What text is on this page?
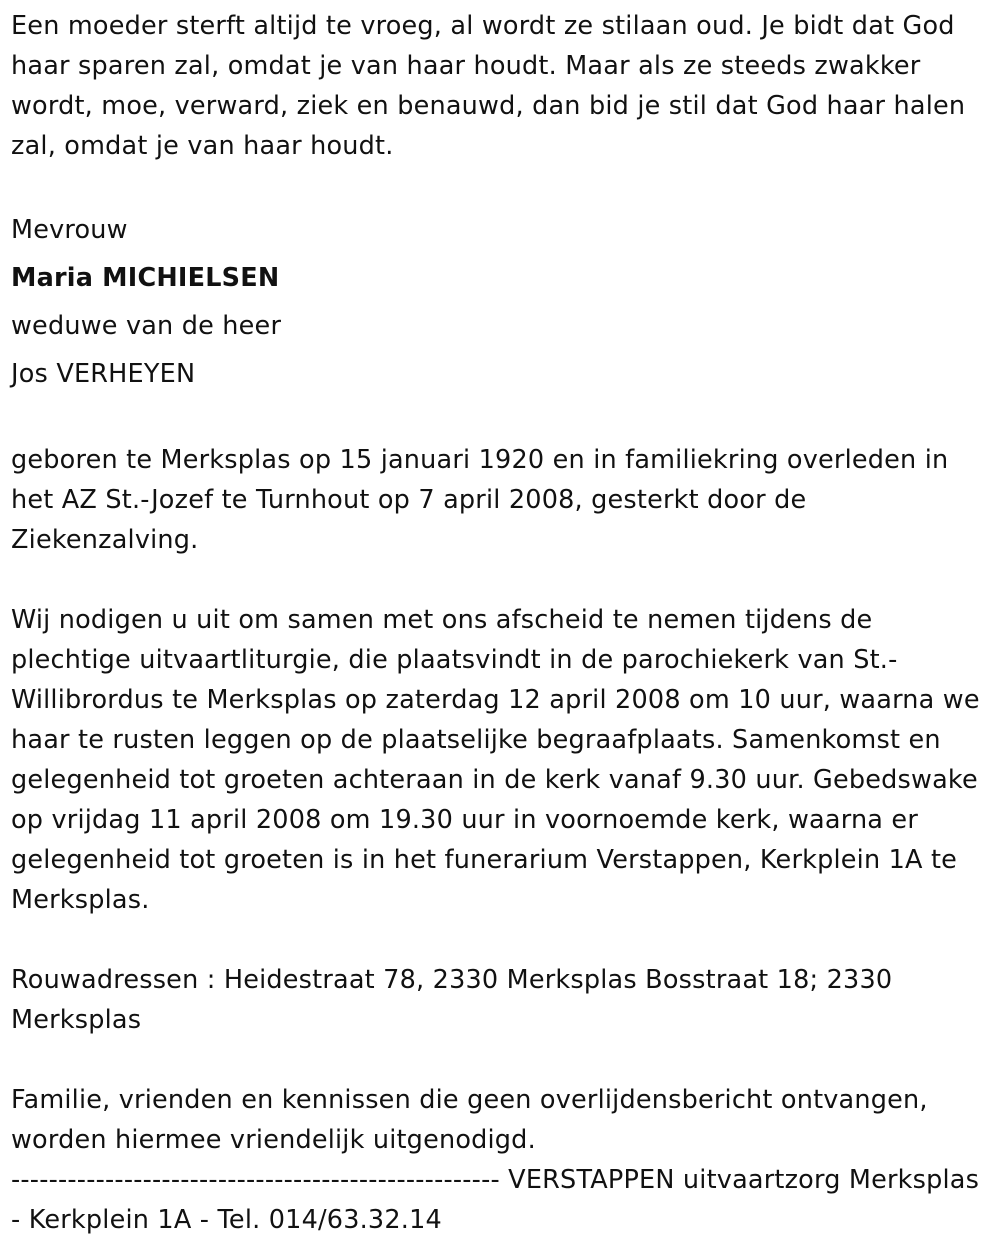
Een moeder sterft altijd te vroeg, al wordt ze stilaan oud. Je bidt dat God haar sparen zal, omdat je van haar houdt. Maar als ze steeds zwakker wordt, moe, verward, ziek en benauwd, dan bid je stil dat God haar halen zal, omdat je van haar houdt.

Mevrouw

Maria MICHIELSEN

weduwe van de heer

Jos VERHEYEN

geboren te Merksplas op 15 januari 1920 en in familiekring overleden in het AZ St.-Jozef te Turnhout op 7 april 2008, gesterkt door de Ziekenzalving.

Wij nodigen u uit om samen met ons afscheid te nemen tijdens de plechtige uitvaartliturgie, die plaatsvindt in de parochiekerk van St.-Willibrordus te Merksplas op zaterdag 12 april 2008 om 10 uur, waarna we haar te rusten leggen op de plaatselijke begraafplaats. Samenkomst en gelegenheid tot groeten achteraan in de kerk vanaf 9.30 uur. Gebedswake op vrijdag 11 april 2008 om 19.30 uur in voornoemde kerk, waarna er gelegenheid tot groeten is in het funerarium Verstappen, Kerkplein 1A te Merksplas.

Rouwadressen : Heidestraat 78, 2330 Merksplas Bosstraat 18; 2330 Merksplas

Familie, vrienden en kennissen die geen overlijdensbericht ontvangen, worden hiermee vriendelijk uitgenodigd.

---------------------------------------------------- VERSTAPPEN uitvaartzorg Merksplas - Kerkplein 1A - Tel. 014/63.32.14
